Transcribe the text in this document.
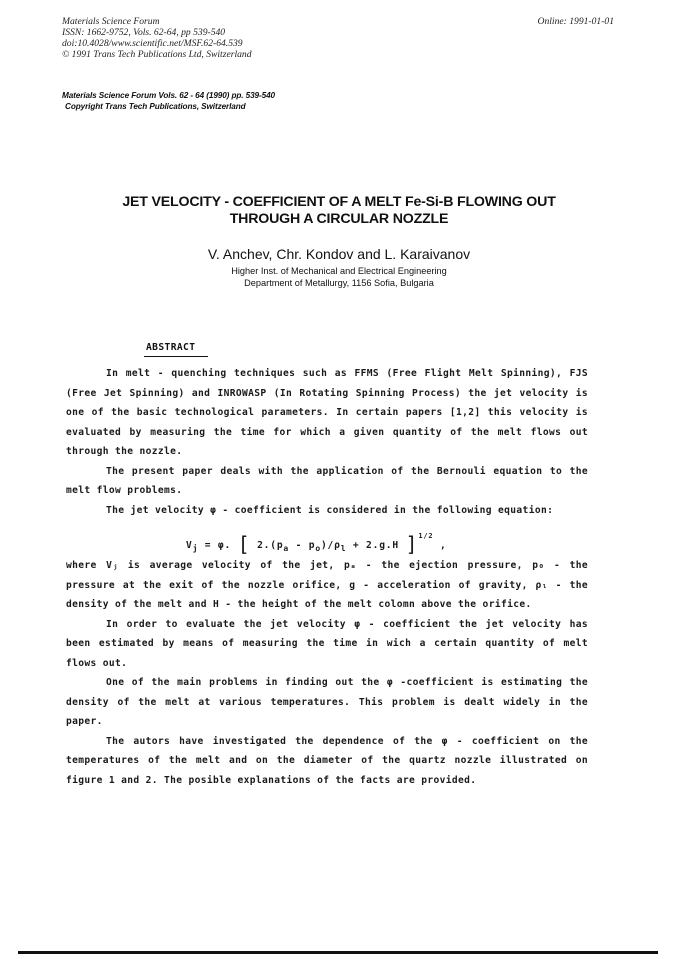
Materials Science Forum
ISSN: 1662-9752, Vols. 62-64, pp 539-540
doi:10.4028/www.scientific.net/MSF.62-64.539
© 1991 Trans Tech Publications Ltd, Switzerland
Online: 1991-01-01
Materials Science Forum Vols. 62 - 64 (1990) pp. 539-540
Copyright Trans Tech Publications, Switzerland
JET VELOCITY - COEFFICIENT OF A MELT Fe-Si-B FLOWING OUT
THROUGH A CIRCULAR NOZZLE
V. Anchev, Chr. Kondov and L. Karaivanov
Higher Inst. of Mechanical and Electrical Engineering
Department of Metallurgy, 1156 Sofia, Bulgaria
ABSTRACT

In melt - quenching techniques such as FFMS (Free Flight Melt Spinning), FJS (Free Jet Spinning) and INROWASP (In Rotating Spinning Process) the jet velocity is one of the basic technological parameters. In certain papers [1,2] this velocity is evaluated by measuring the time for which a given quantity of the melt flows out through the nozzle.

The present paper deals with the application of the Bernouli equation to the melt flow problems.

The jet velocity φ - coefficient is considered in the following equation:

$V_j = \varphi$. [ $2.(p_a - p_o)/\rho_l + 2.g.H$ ]$^{1/2}$ ,

where Vⱼ is average velocity of the jet, pₐ - the ejection pressure, p₀ - the pressure at the exit of the nozzle orifice, g - acceleration of gravity, ρₗ - the density of the melt and H - the height of the melt colomn above the orifice.

In order to evaluate the jet velocity φ - coefficient the jet velocity has been estimated by means of measuring the time in wich a certain quantity of melt flows out.

One of the main problems in finding out the φ -coefficient is estimating the density of the melt at various temperatures. This problem is dealt widely in the paper.

The autors have investigated the dependence of the φ - coefficient on the temperatures of the melt and on the diameter of the quartz nozzle illustrated on figure 1 and 2. The posible explanations of the facts are provided.
